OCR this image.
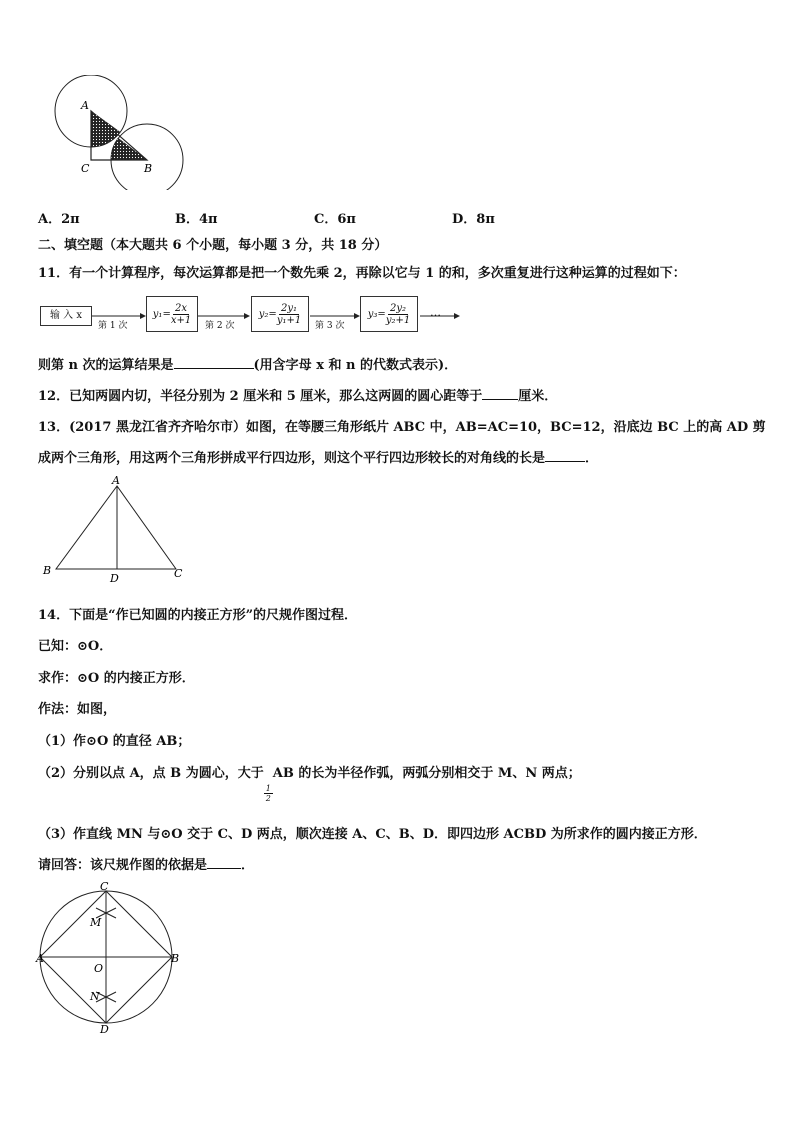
A
C	B
A．2π	B．4π	C．6π	D．8π
二、填空题（本大题共 6 个小题，每小题 3 分，共 18 分）
11．有一个计算程序，每次运算都是把一个数先乘 2，再除以它与 1 的和，多次重复进行这种运算的过程如下：
输 入 x
第 1 次	第 2 次	第 3 次
$y_1= \frac{2x}{x+1}$	$y_2= \frac{\text{2y₁}}{\text{y₁+1}}$	$y_3= \frac{\text{2y₂}}{\text{y₂+1}}$ …
则第 n 次的运算结果是	(用含字母 x 和 n 的代数式表示)．
12．已知两圆内切，半径分别为 2 厘米和 5 厘米，那么这两圆的圆心距等于	厘米．
13．(2017 黑龙江省齐齐哈尔市）如图，在等腰三角形纸片 ABC 中，AB=AC=10，BC=12，沿底边 BC 上的高 AD 剪
成两个三角形，用这两个三角形拼成平行四边形，则这个平行四边形较长的对角线的长是	．
A
B
D	C
14．下面是“作已知圆的内接正方形”的尺规作图过程．
已知：⊙O．
求作：⊙O 的内接正方形．
作法：如图，
（1）作⊙O 的直径 AB；
（2）分别以点 A，点 B 为圆心，大于
$\frac{1}{2}$
AB 的长为半径作弧，两弧分别相交于 M、N 两点；
（3）作直线 MN 与⊙O 交于 C、D 两点，顺次连接 A、C、B、D．即四边形 ACBD 为所求作的圆内接正方形．
请回答：该尺规作图的依据是	．
C
M
A	B
O
N
D
